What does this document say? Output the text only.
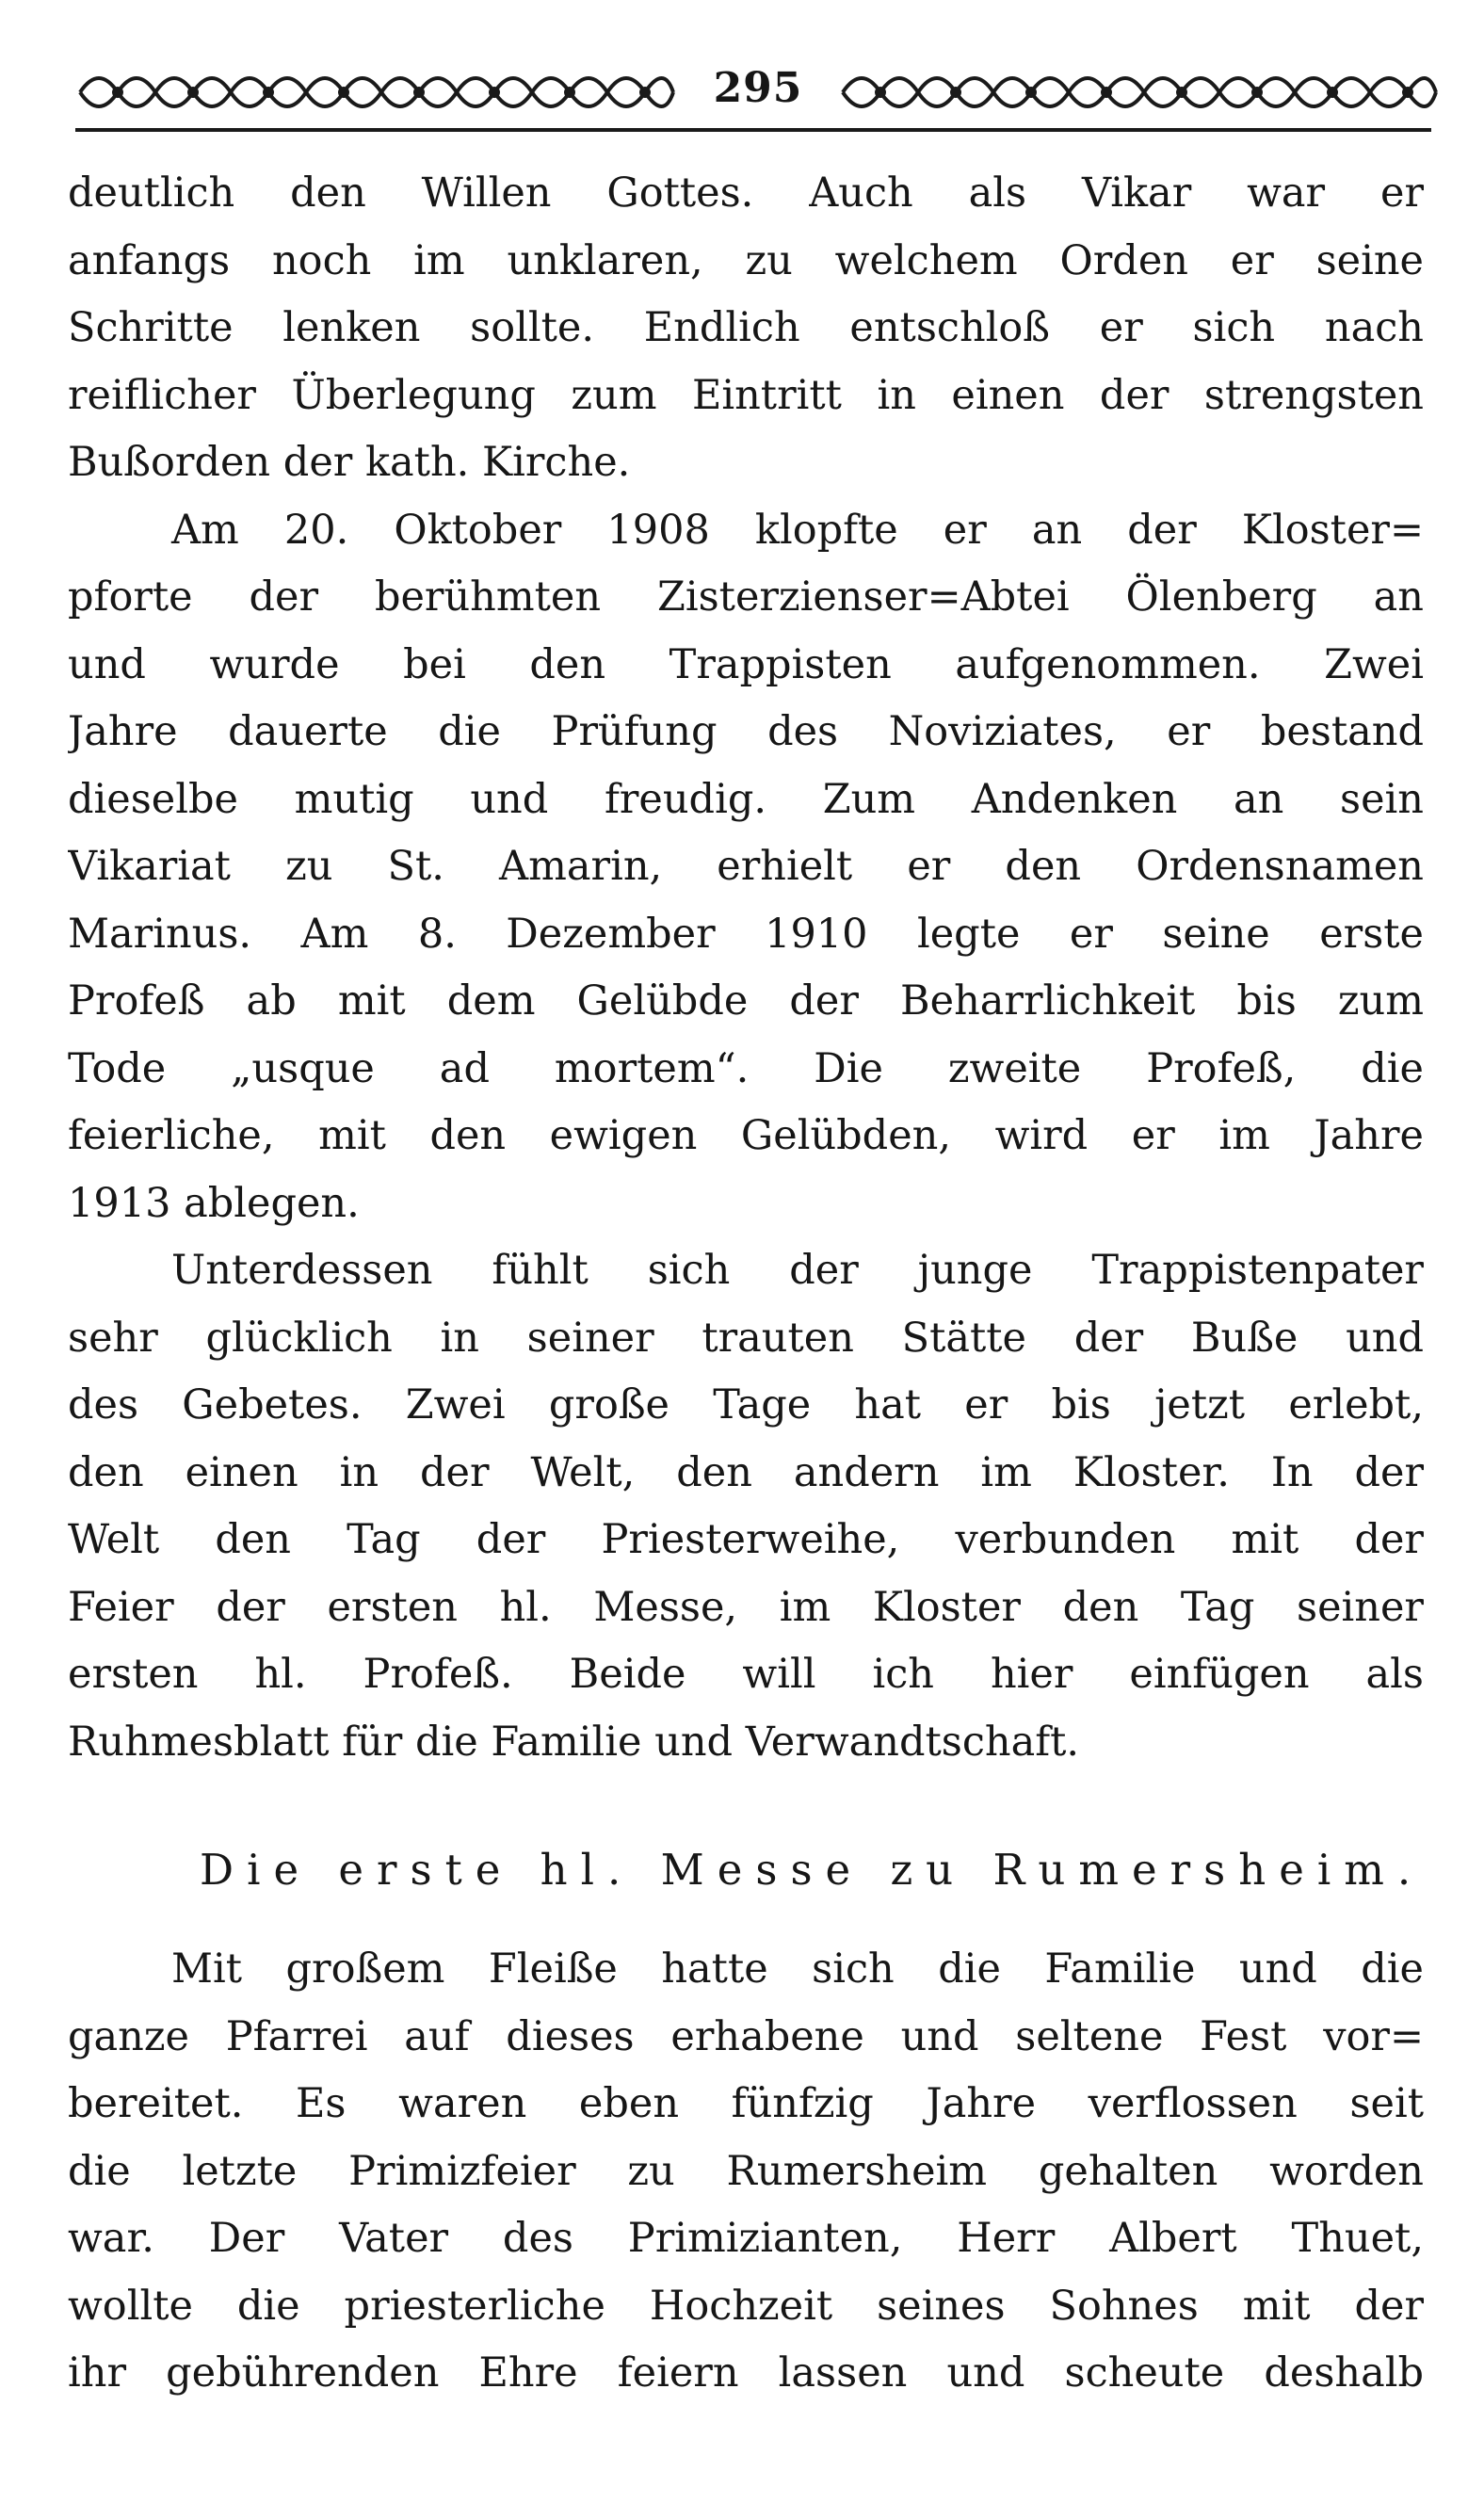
295
deutlich den Willen Gottes. Auch als Vikar war er
anfangs noch im unklaren, zu welchem Orden er seine
Schritte lenken sollte. Endlich entschloß er sich nach
reiflicher Überlegung zum Eintritt in einen der strengsten
Bußorden der kath. Kirche.
Am 20. Oktober 1908 klopfte er an der Kloster=
pforte der berühmten Zisterzienser=Abtei Ölenberg an
und wurde bei den Trappisten aufgenommen. Zwei
Jahre dauerte die Prüfung des Noviziates, er bestand
dieselbe mutig und freudig. Zum Andenken an sein
Vikariat zu St. Amarin, erhielt er den Ordensnamen
Marinus. Am 8. Dezember 1910 legte er seine erste
Profeß ab mit dem Gelübde der Beharrlichkeit bis zum
Tode „usque ad mortem“. Die zweite Profeß, die
feierliche, mit den ewigen Gelübden, wird er im Jahre
1913 ablegen.
Unterdessen fühlt sich der junge Trappistenpater
sehr glücklich in seiner trauten Stätte der Buße und
des Gebetes. Zwei große Tage hat er bis jetzt erlebt,
den einen in der Welt, den andern im Kloster. In der
Welt den Tag der Priesterweihe, verbunden mit der
Feier der ersten hl. Messe, im Kloster den Tag seiner
ersten hl. Profeß. Beide will ich hier einfügen als
Ruhmesblatt für die Familie und Verwandtschaft.
Die erste hl. Messe zu Rumersheim.
Mit großem Fleiße hatte sich die Familie und die
ganze Pfarrei auf dieses erhabene und seltene Fest vor=
bereitet. Es waren eben fünfzig Jahre verflossen seit
die letzte Primizfeier zu Rumersheim gehalten worden
war. Der Vater des Primizianten, Herr Albert Thuet,
wollte die priesterliche Hochzeit seines Sohnes mit der
ihr gebührenden Ehre feiern lassen und scheute deshalb
